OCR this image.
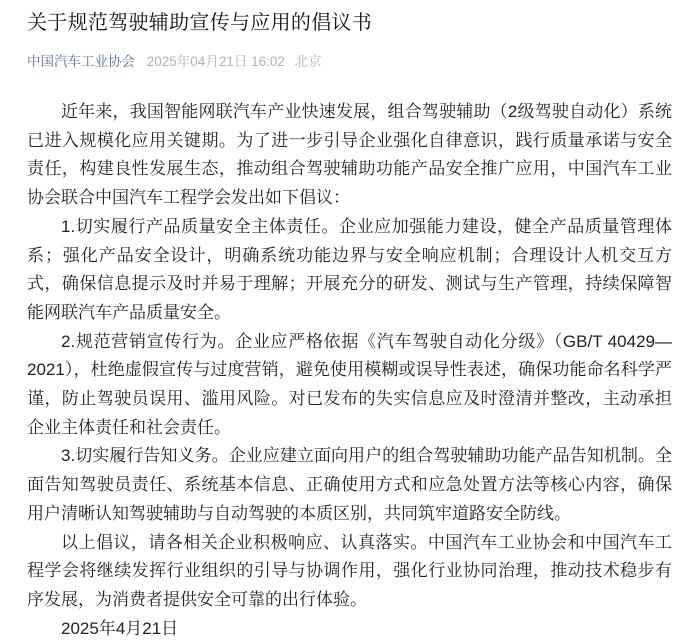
关于规范驾驶辅助宣传与应用的倡议书
中国汽车工业协会 2025年04月21日 16:02 北京

近年来，我国智能网联汽车产业快速发展，组合驾驶辅助（2级驾驶自动化）系统已进入规模化应用关键期。为了进一步引导企业强化自律意识，践行质量承诺与安全责任，构建良性发展生态，推动组合驾驶辅助功能产品安全推广应用，中国汽车工业协会联合中国汽车工程学会发出如下倡议：

1.切实履行产品质量安全主体责任。企业应加强能力建设，健全产品质量管理体系；强化产品安全设计，明确系统功能边界与安全响应机制；合理设计人机交互方式，确保信息提示及时并易于理解；开展充分的研发、测试与生产管理，持续保障智能网联汽车产品质量安全。

2.规范营销宣传行为。企业应严格依据《汽车驾驶自动化分级》（GB/T 40429—2021），杜绝虚假宣传与过度营销，避免使用模糊或误导性表述，确保功能命名科学严谨，防止驾驶员误用、滥用风险。对已发布的失实信息应及时澄清并整改，主动承担企业主体责任和社会责任。

3.切实履行告知义务。企业应建立面向用户的组合驾驶辅助功能产品告知机制。全面告知驾驶员责任、系统基本信息、正确使用方式和应急处置方法等核心内容，确保用户清晰认知驾驶辅助与自动驾驶的本质区别，共同筑牢道路安全防线。

以上倡议，请各相关企业积极响应、认真落实。中国汽车工业协会和中国汽车工程学会将继续发挥行业组织的引导与协调作用，强化行业协同治理，推动技术稳步有序发展，为消费者提供安全可靠的出行体验。

2025年4月21日
